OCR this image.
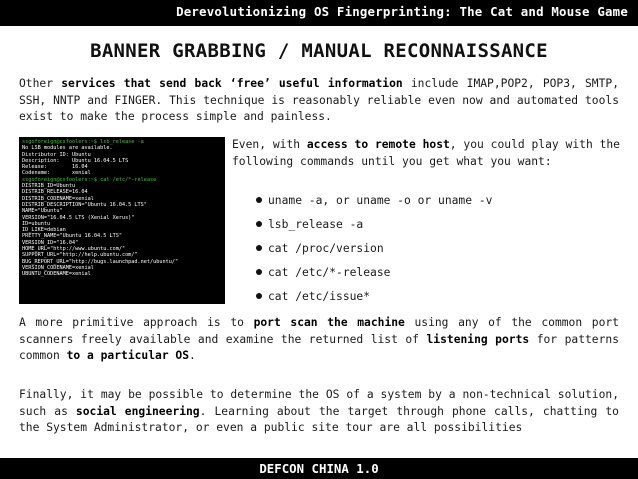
Derevolutionizing OS Fingerprinting: The Cat and Mouse Game
BANNER GRABBING / MANUAL RECONNAISSANCE
Other services that send back ‘free’ useful information include IMAP,POP2, POP3, SMTP, SSH, NNTP and FINGER. This technique is reasonably reliable even now and automated tools exist to make the process simple and painless.
ssgoforeign@csfoolers:~$ lsb_release -a
No LSB modules are available.
Distributor ID: Ubuntu
Description:    Ubuntu 16.04.5 LTS
Release:        16.04
Codename:       xenial
ssgoforeign@csfoolers:~$ cat /etc/*-release
DISTRIB_ID=Ubuntu
DISTRIB_RELEASE=16.04
DISTRIB_CODENAME=xenial
DISTRIB_DESCRIPTION="Ubuntu 16.04.5 LTS"
NAME="Ubuntu"
VERSION="16.04.5 LTS (Xenial Xerus)"
ID=ubuntu
ID_LIKE=debian
PRETTY_NAME="Ubuntu 16.04.5 LTS"
VERSION_ID="16.04"
HOME_URL="http://www.ubuntu.com/"
SUPPORT_URL="http://help.ubuntu.com/"
BUG_REPORT_URL="http://bugs.launchpad.net/ubuntu/"
VERSION_CODENAME=xenial
UBUNTU_CODENAME=xenial
Even, with access to remote host, you could play with the following commands until you get what you want:
uname -a, or uname -o or uname -v
lsb_release -a
cat /proc/version
cat /etc/*-release
cat /etc/issue*
A more primitive approach is to port scan the machine using any of the common port scanners freely available and examine the returned list of listening ports for patterns common to a particular OS.
Finally, it may be possible to determine the OS of a system by a non-technical solution, such as social engineering. Learning about the target through phone calls, chatting to the System Administrator, or even a public site tour are all possibilities
DEFCON CHINA 1.0
